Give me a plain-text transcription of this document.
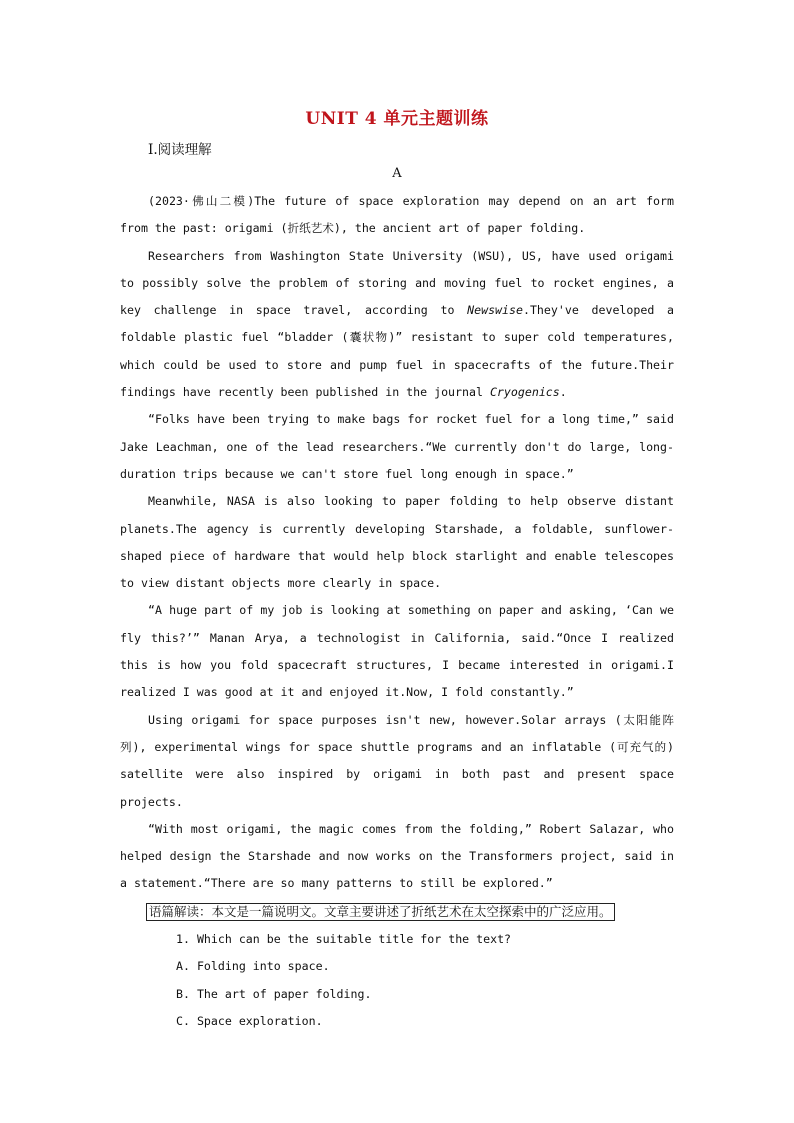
UNIT 4 单元主题训练
Ⅰ.阅读理解
A

(2023·佛山二模)The future of space exploration may depend on an art form from the past: origami (折纸艺术), the ancient art of paper folding.

Researchers from Washington State University (WSU), US, have used origami to possibly solve the problem of storing and moving fuel to rocket engines, a key challenge in space travel, according to Newswise.They've developed a foldable plastic fuel “bladder (囊状物)” resistant to super cold temperatures, which could be used to store and pump fuel in spacecrafts of the future.Their findings have recently been published in the journal Cryogenics.

“Folks have been trying to make bags for rocket fuel for a long time,” said Jake Leachman, one of the lead researchers.“We currently don't do large, long-duration trips because we can't store fuel long enough in space.”

Meanwhile, NASA is also looking to paper folding to help observe distant planets.The agency is currently developing Starshade, a foldable, sunflower-shaped piece of hardware that would help block starlight and enable telescopes to view distant objects more clearly in space.

“A huge part of my job is looking at something on paper and asking, ‘Can we fly this?’” Manan Arya, a technologist in California, said.“Once I realized this is how you fold spacecraft structures, I became interested in origami.I realized I was good at it and enjoyed it.Now, I fold constantly.”

Using origami for space purposes isn't new, however.Solar arrays (太阳能阵列), experimental wings for space shuttle programs and an inflatable (可充气的) satellite were also inspired by origami in both past and present space projects.

“With most origami, the magic comes from the folding,” Robert Salazar, who helped design the Starshade and now works on the Transformers project, said in a statement.“There are so many patterns to still be explored.”

语篇解读：本文是一篇说明文。文章主要讲述了折纸艺术在太空探索中的广泛应用。

1. Which can be the suitable title for the text?

A. Folding into space.

B. The art of paper folding.

C. Space exploration.
